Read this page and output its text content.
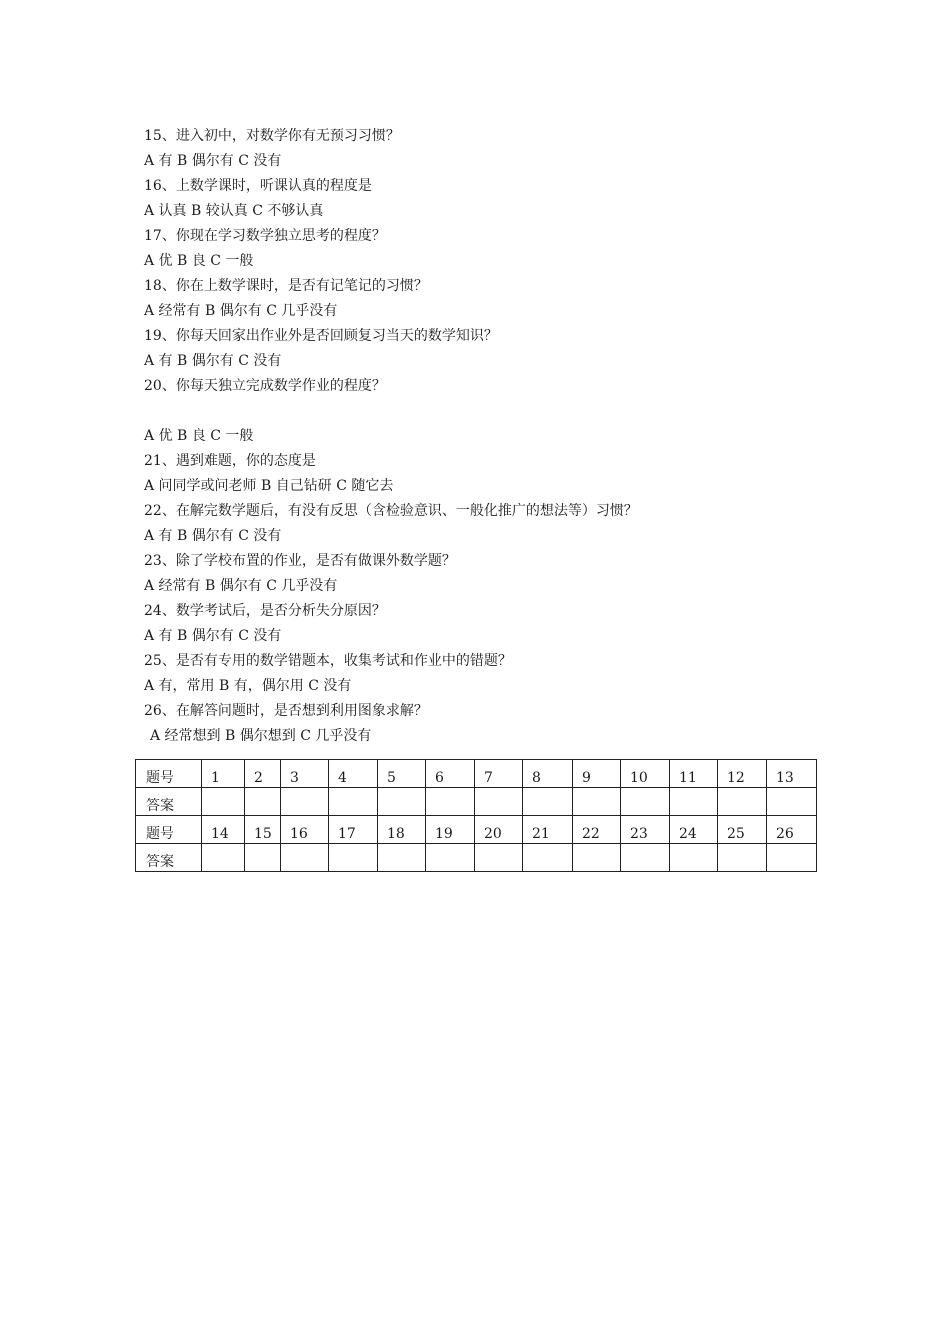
15、进入初中，对数学你有无预习习惯？
A 有 B 偶尔有 C 没有
16、上数学课时，听课认真的程度是
A 认真 B 较认真 C 不够认真
17、你现在学习数学独立思考的程度？
A 优 B 良 C 一般
18、你在上数学课时，是否有记笔记的习惯？
A 经常有 B 偶尔有 C 几乎没有
19、你每天回家出作业外是否回顾复习当天的数学知识？
A 有 B 偶尔有 C 没有
20、你每天独立完成数学作业的程度？
A 优 B 良 C 一般
21、遇到难题，你的态度是
A 问同学或问老师 B 自己钻研 C 随它去
22、在解完数学题后，有没有反思（含检验意识、一般化推广的想法等）习惯？
A 有 B 偶尔有 C 没有
23、除了学校布置的作业，是否有做课外数学题？
A 经常有 B 偶尔有 C 几乎没有
24、数学考试后，是否分析失分原因？
A 有 B 偶尔有 C 没有
25、是否有专用的数学错题本，收集考试和作业中的错题？
A 有，常用 B 有，偶尔用 C 没有
26、在解答问题时，是否想到利用图象求解？
A 经常想到 B 偶尔想到 C 几乎没有
题号	1	2	3	4	5	6	7	8	9	10	11	12	13
答案													
题号	14	15	16	17	18	19	20	21	22	23	24	25	26
答案													
